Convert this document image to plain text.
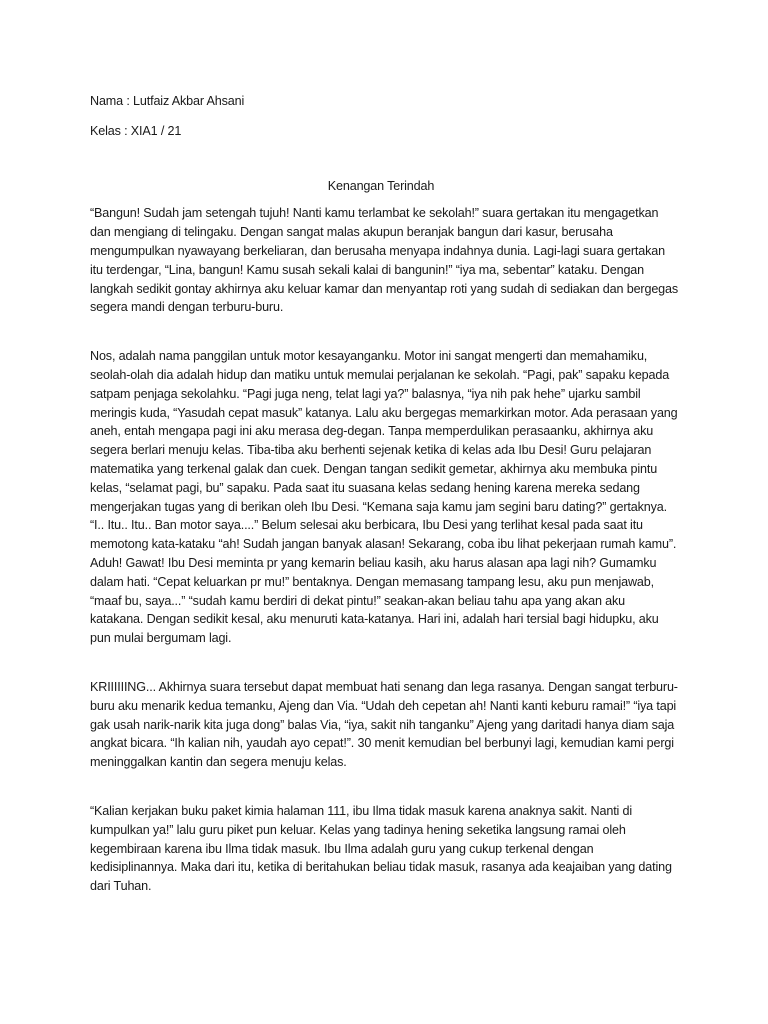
Nama : Lutfaiz Akbar Ahsani

Kelas : XIA1 / 21

Kenangan Terindah

“Bangun! Sudah jam setengah tujuh! Nanti kamu terlambat ke sekolah!” suara gertakan itu mengagetkan dan mengiang di telingaku. Dengan sangat malas akupun beranjak bangun dari kasur, berusaha mengumpulkan nyawayang berkeliaran, dan berusaha menyapa indahnya dunia. Lagi-lagi suara gertakan itu terdengar, “Lina, bangun! Kamu susah sekali kalai di bangunin!” “iya ma, sebentar” kataku. Dengan langkah sedikit gontay akhirnya aku keluar kamar dan menyantap roti yang sudah di sediakan dan bergegas segera mandi dengan terburu-buru.

Nos, adalah nama panggilan untuk motor kesayanganku. Motor ini sangat mengerti dan memahamiku, seolah-olah dia adalah hidup dan matiku untuk memulai perjalanan ke sekolah. “Pagi, pak” sapaku kepada satpam penjaga sekolahku. “Pagi juga neng, telat lagi ya?” balasnya, “iya nih pak hehe” ujarku sambil meringis kuda, “Yasudah cepat masuk” katanya. Lalu aku bergegas memarkirkan motor. Ada perasaan yang aneh, entah mengapa pagi ini aku merasa deg-degan. Tanpa memperdulikan perasaanku, akhirnya aku segera berlari menuju kelas. Tiba-tiba aku berhenti sejenak ketika di kelas ada Ibu Desi! Guru pelajaran matematika yang terkenal galak dan cuek. Dengan tangan sedikit gemetar, akhirnya aku membuka pintu kelas, “selamat pagi, bu” sapaku. Pada saat itu suasana kelas sedang hening karena mereka sedang mengerjakan tugas yang di berikan oleh Ibu Desi. “Kemana saja kamu jam segini baru dating?” gertaknya. “I.. Itu.. Itu.. Ban motor saya....” Belum selesai aku berbicara, Ibu Desi yang terlihat kesal pada saat itu memotong kata-kataku “ah! Sudah jangan banyak alasan! Sekarang, coba ibu lihat pekerjaan rumah kamu”. Aduh! Gawat! Ibu Desi meminta pr yang kemarin beliau kasih, aku harus alasan apa lagi nih? Gumamku dalam hati. “Cepat keluarkan pr mu!” bentaknya. Dengan memasang tampang lesu, aku pun menjawab, “maaf bu, saya...” “sudah kamu berdiri di dekat pintu!” seakan-akan beliau tahu apa yang akan aku katakana. Dengan sedikit kesal, aku menuruti kata-katanya. Hari ini, adalah hari tersial bagi hidupku, aku pun mulai bergumam lagi.

KRIIIIIING... Akhirnya suara tersebut dapat membuat hati senang dan lega rasanya. Dengan sangat terburu-buru aku menarik kedua temanku, Ajeng dan Via. “Udah deh cepetan ah! Nanti kanti keburu ramai!” “iya tapi gak usah narik-narik kita juga dong” balas Via, “iya, sakit nih tanganku” Ajeng yang daritadi hanya diam saja angkat bicara. “Ih kalian nih, yaudah ayo cepat!”. 30 menit kemudian bel berbunyi lagi, kemudian kami pergi meninggalkan kantin dan segera menuju kelas.

“Kalian kerjakan buku paket kimia halaman 111, ibu Ilma tidak masuk karena anaknya sakit. Nanti di kumpulkan ya!” lalu guru piket pun keluar. Kelas yang tadinya hening seketika langsung ramai oleh kegembiraan karena ibu Ilma tidak masuk. Ibu Ilma adalah guru yang cukup terkenal dengan kedisiplinannya. Maka dari itu, ketika di beritahukan beliau tidak masuk, rasanya ada keajaiban yang dating dari Tuhan.
